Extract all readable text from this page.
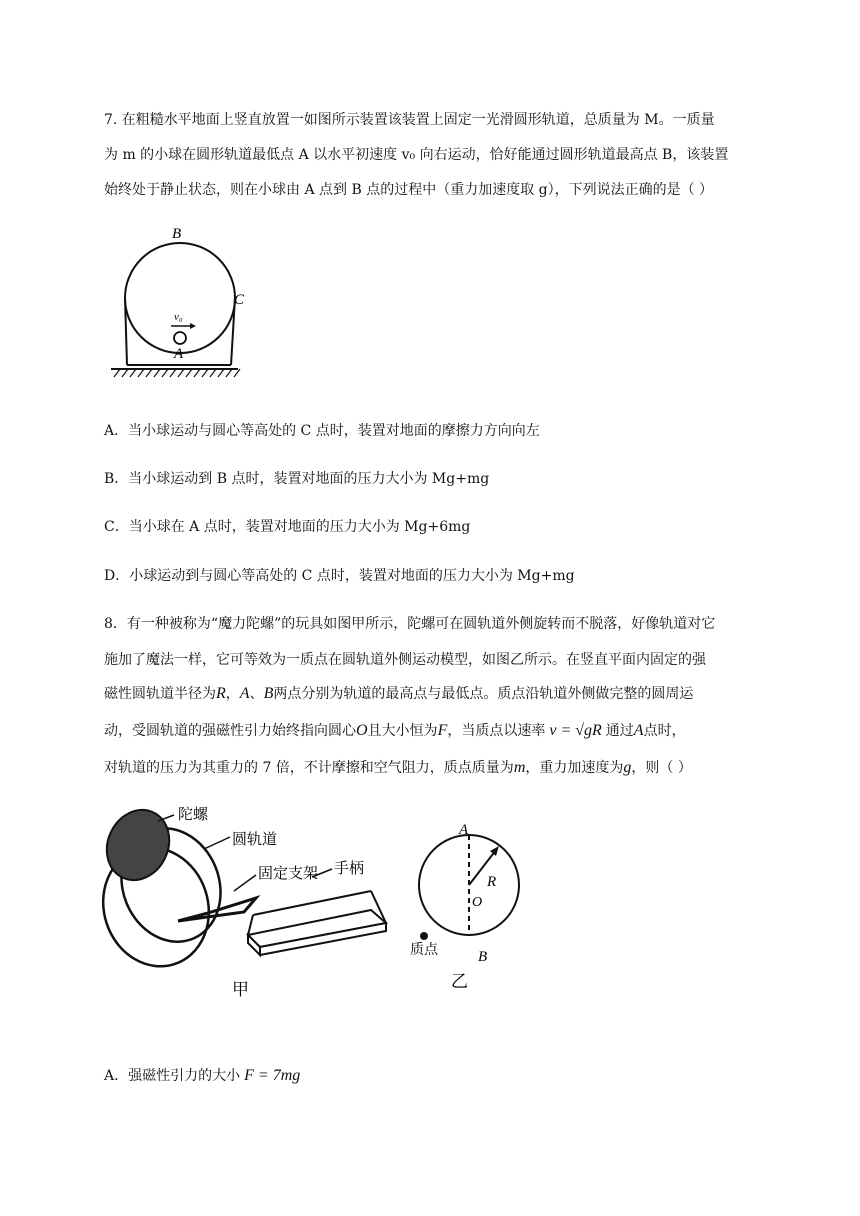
7. 在粗糙水平地面上竖直放置一如图所示装置该装置上固定一光滑圆形轨道，总质量为 M。一质量
为 m 的小球在圆形轨道最低点 A 以水平初速度 v₀ 向右运动，恰好能通过圆形轨道最高点 B，该装置
始终处于静止状态，则在小球由 A 点到 B 点的过程中（重力加速度取 g），下列说法正确的是（ ）
v₀
B
C
A
A．当小球运动与圆心等高处的 C 点时，装置对地面的摩擦力方向向左
B．当小球运动到 B 点时，装置对地面的压力大小为 Mg+mg
C．当小球在 A 点时，装置对地面的压力大小为 Mg+6mg
D．小球运动到与圆心等高处的 C 点时，装置对地面的压力大小为 Mg+mg
8．有一种被称为“魔力陀螺”的玩具如图甲所示，陀螺可在圆轨道外侧旋转而不脱落，好像轨道对它
施加了魔法一样，它可等效为一质点在圆轨道外侧运动模型，如图乙所示。在竖直平面内固定的强
磁性圆轨道半径为R，A、B两点分别为轨道的最高点与最低点。质点沿轨道外侧做完整的圆周运
动，受圆轨道的强磁性引力始终指向圆心O且大小恒为F，当质点以速率 v = √gR 通过A点时，
对轨道的压力为其重力的 7 倍，不计摩擦和空气阻力，质点质量为m，重力加速度为g，则（ ）
陀螺
圆轨道
固定支架 手柄
甲
A
R
O
B
质点
乙
A．强磁性引力的大小 F = 7mg
